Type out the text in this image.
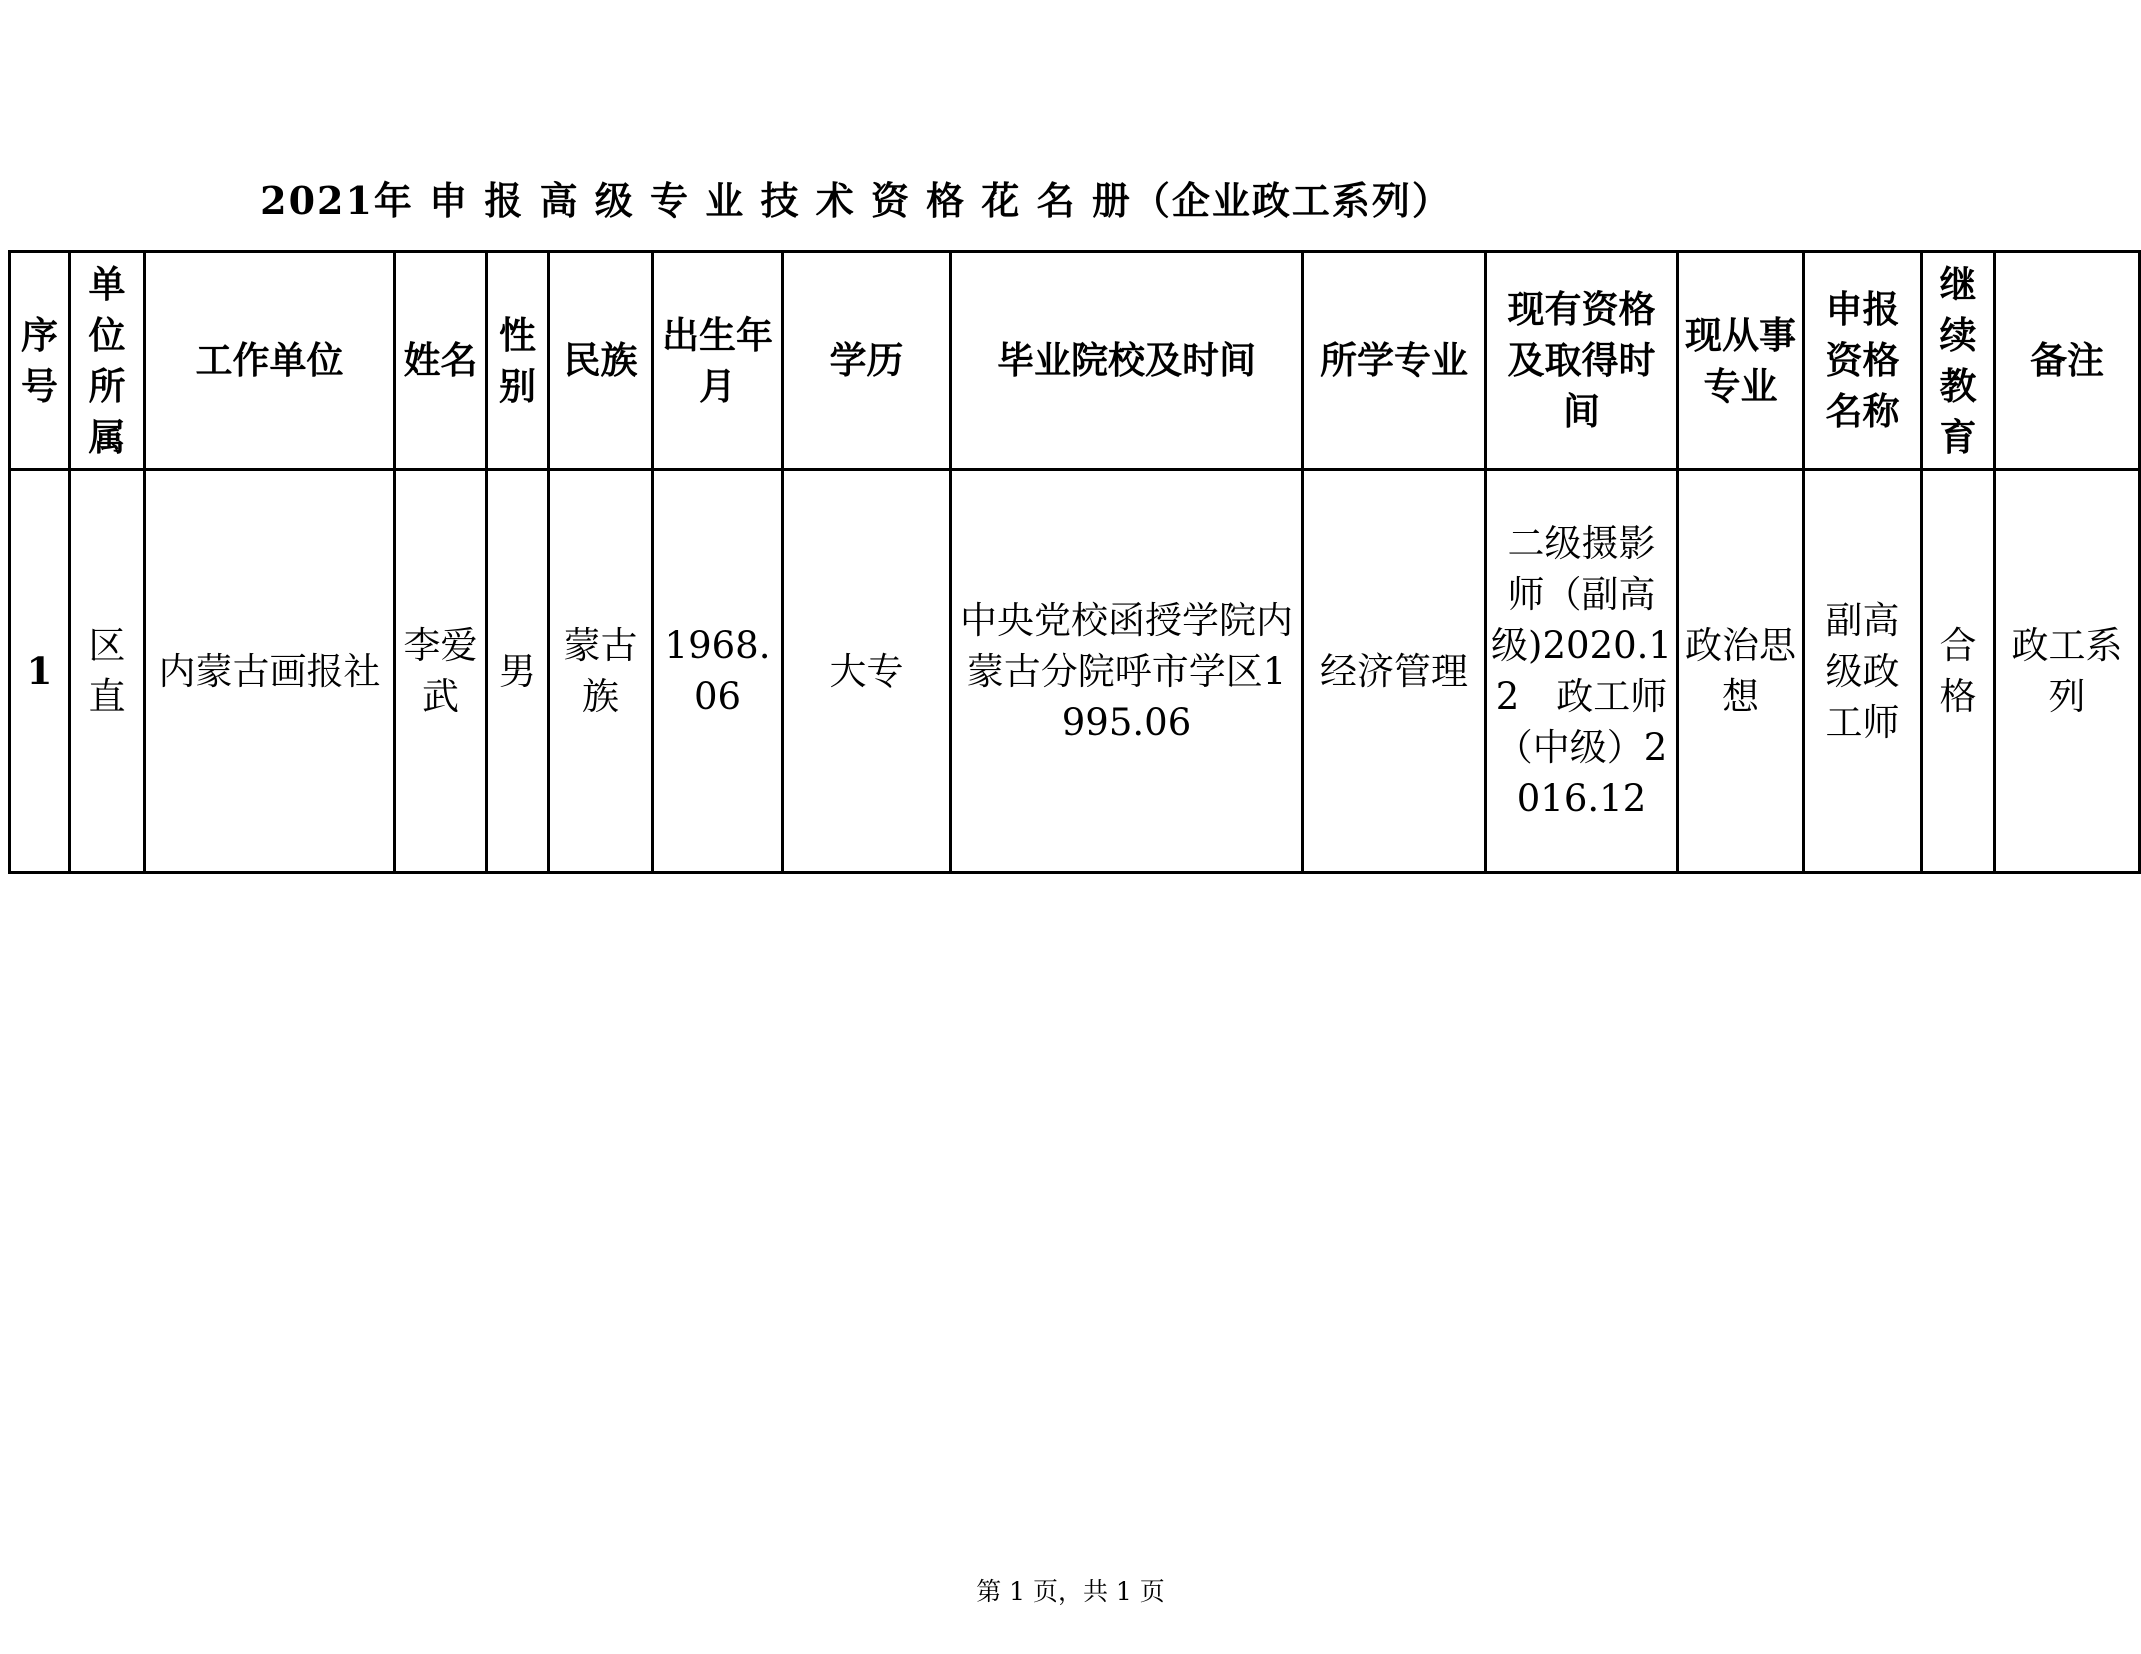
2021年 申 报 高 级 专 业 技 术 资 格 花 名 册（企业政工系列）
序号	单位所属	工作单位	姓名	性别	民族	出生年月	学历	毕业院校及时间	所学专业	现有资格及取得时间	现从事专业	申报资格名称	继续教育	备注
1	区直	内蒙古画报社	李爱武	男	蒙古族	1968.06	大专	中央党校函授学院内蒙古分院呼市学区1995.06	经济管理	二级摄影师（副高级)2020.12　政工师（中级）2016.12	政治思想	副高级政工师	合格	政工系列
第 1 页，共 1 页
